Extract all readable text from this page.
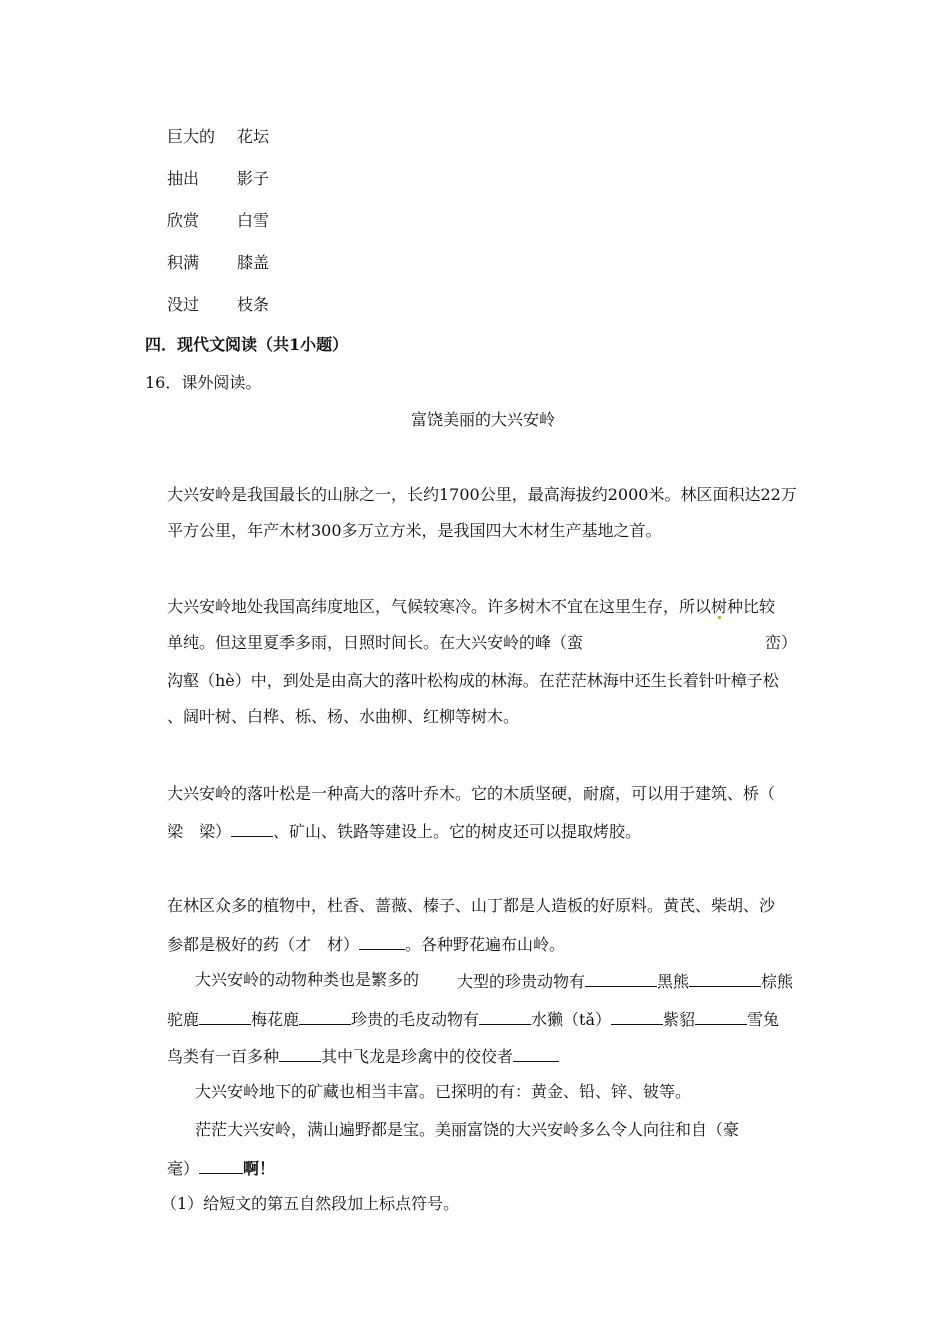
巨大的 花坛
抽出 影子
欣赏 白雪
积满 膝盖
没过 枝条
四．现代文阅读（共1小题）
16．课外阅读。
富饶美丽的大兴安岭
大兴安岭是我国最长的山脉之一，长约1700公里，最高海拔约2000米。林区面积达22万
平方公里，年产木材300多万立方米，是我国四大木材生产基地之首。
大兴安岭地处我国高纬度地区，气候较寒冷。许多树木不宜在这里生存，所以树种比较
单纯。但这里夏季多雨，日照时间长。在大兴安岭的峰（蛮	峦）
沟壑（hè）中，到处是由高大的落叶松构成的林海。在茫茫林海中还生长着针叶樟子松
、阔叶树、白桦、栎、杨、水曲柳、红柳等树木。
大兴安岭的落叶松是一种高大的落叶乔木。它的木质坚硬，耐腐，可以用于建筑、桥（
梁　梁）	、矿山、铁路等建设上。它的树皮还可以提取烤胶。
在林区众多的植物中，杜香、蔷薇、榛子、山丁都是人造板的好原料。黄芪、柴胡、沙
参都是极好的药（才　材）	。各种野花遍布山岭。
大兴安岭的动物种类也是繁多的 大型的珍贵动物有	黑熊	棕熊
驼鹿	梅花鹿	珍贵的毛皮动物有	水獭（tǎ）	紫貂	雪兔
鸟类有一百多种	其中飞龙是珍禽中的佼佼者
大兴安岭地下的矿藏也相当丰富。已探明的有：黄金、铅、锌、铍等。
茫茫大兴安岭，满山遍野都是宝。美丽富饶的大兴安岭多么令人向往和自（豪
毫）	啊！
（1）给短文的第五自然段加上标点符号。
